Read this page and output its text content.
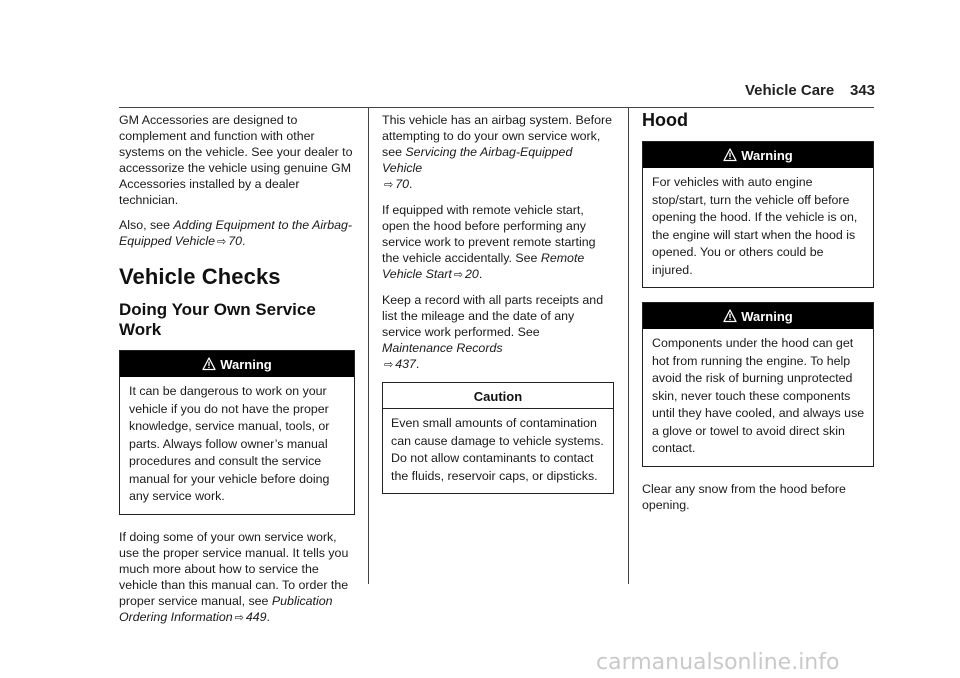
Vehicle Care 343

GM Accessories are designed to complement and function with other systems on the vehicle. See your dealer to accessorize the vehicle using genuine GM Accessories installed by a dealer technician.

Also, see Adding Equipment to the Airbag-Equipped Vehicle ⇨ 70.

Vehicle Checks
Doing Your Own Service Work
Warning
It can be dangerous to work on your vehicle if you do not have the proper knowledge, service manual, tools, or parts. Always follow owner’s manual procedures and consult the service manual for your vehicle before doing any service work.

If doing some of your own service work, use the proper service manual. It tells you much more about how to service the vehicle than this manual can. To order the proper service manual, see Publication Ordering Information ⇨ 449.

This vehicle has an airbag system. Before attempting to do your own service work, see Servicing the Airbag-Equipped Vehicle
⇨ 70.

If equipped with remote vehicle start, open the hood before performing any service work to prevent remote starting the vehicle accidentally. See Remote Vehicle Start ⇨ 20.

Keep a record with all parts receipts and list the mileage and the date of any service work performed. See Maintenance Records
⇨ 437.

Caution
Even small amounts of contamination can cause damage to vehicle systems. Do not allow contaminants to contact the fluids, reservoir caps, or dipsticks.
Hood
Warning
For vehicles with auto engine stop/start, turn the vehicle off before opening the hood. If the vehicle is on, the engine will start when the hood is opened. You or others could be injured.
Warning
Components under the hood can get hot from running the engine. To help avoid the risk of burning unprotected skin, never touch these components until they have cooled, and always use a glove or towel to avoid direct skin contact.

Clear any snow from the hood before opening.

carmanualsonline.info
